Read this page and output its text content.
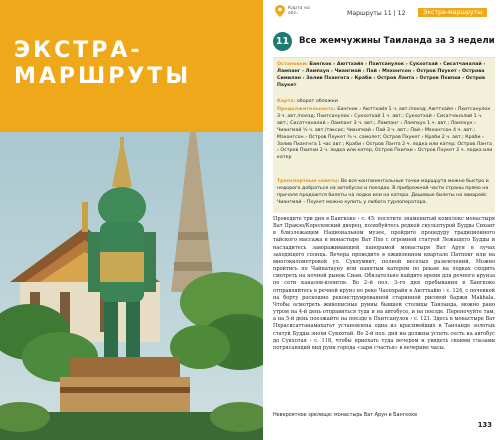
ЭКСТРА-
МАРШРУТЫ
Карта на обл.	Маршруты 11 | 12	Экстра-маршруты
11	Все жемчужины Таиланда за 3 недели
Остановки: Бангкок › Аюттхайя › Пхитсанулок › Сукхотхай › Сисатчаналай › Лампанг › Лампхун › Чиангмай › Пай › Мэхонгсон › Остров Пхукет › Острова Симилан › Залив Пхангнга › Краби › Остров Ланта › Остров Пхипхи › Остров Пхукет
Карта: оборот обложки
Продолжительность: Бангкок › Аюттхайя 1 ч. авт./поезд; Аюттхайя › Пхитсанулок 3 ч. авт./поезд; Пхитсанулок › Сукхотхай 1 ч. авт.; Сукхотхай › Сисатчаналай 1 ч. авт.; Сисатчаналай › Лампанг 3 ч. авт.; Лампанг › Лампхун 1 ч. авт.; Лампхун › Чиангмай ½ ч. авт./таксис; Чиангмай › Пай 3 ч. авт.; Пай › Мэхонгсон 4 ч. авт.; Мэхонгсон › Остров Пхукет ¾ ч. самолет; Остров Пхукет › Краби 2 ч. авт.; Краби › Залив Пхангнга 1 час авт.; Краби › Остров Ланта 2 ч. лодка или катер; Остров Ланта › Остров Пхипхи 2 ч. лодка или катер; Остров Пхипхи › Остров Пхукет 2 ч. лодка или катер
Транспортные советы: Во все континентальные точки маршрута можно быстро и недорого добраться на автобусах и поездах. В прибрежной части страны прямо на причале продаются билеты на лодки или на катера. Дешевые билеты на эвиарейс Чиангмай – Пхукет можно купить у любого турлоператора.
Проведите три дня в Бангкоке › с. 45: посетите знаменитый комплекс монастыря Ват Пракэо/Королевский дворец, полюбуйтесь редкой скульптурой Будды Сиханг в близлежащем Национальном музее, пройдите процедуру традиционного тайского массажа в монастыре Ват Пхо с огромной статуей Лежащего Будды и насладитесь завораживающей панорамой монастыря Ват Арун в лучах заходящего солнца. Вечера проведите в оживленном квартале Патпонг или на многокилометровой ул. Сукхумвит, полной веселых развлечений. Можно пройтись по Чайнатауну или нанятым катером по рекам на лодках сходить смотреть на ночной рынок Сиам. Обязательно найдите время для речного круиза по сети каналов-клонгов. Во 2–й пол. 3–го дня пребывания в Бангкоке отправляйтесь в речной круиз по реке Чаопхрайя в Аюттхайю › с. 124, с почевкой на борту роскошно реконструированной старинной рисовой баржи Маkhala. Чтобы осмотреть живописные руины бывшей столицы Таиланда, можно рано утром на 4-й день отправиться туда и на автобусе, и на поезде. Переночуйте там, а на 5-й день поезжайте на поезде в Пхитсанулок › с. 121. Здесь в монастыре Ват Пхрасисаттанамахатат установлена одна из красивейших в Таиланде золотых статуй Будды эпохи Сукхотай. Во 2-й пол. дня вы должны успеть сесть на автобус до Сукхотая › с. 118, чтобы приехать туда вечером и увидеть своими глазами потрясающий вид руин города «зари счастья» в вечерние часы.
Невероятное зрелище: монастырь Ват Арун в Бангкоке
133
